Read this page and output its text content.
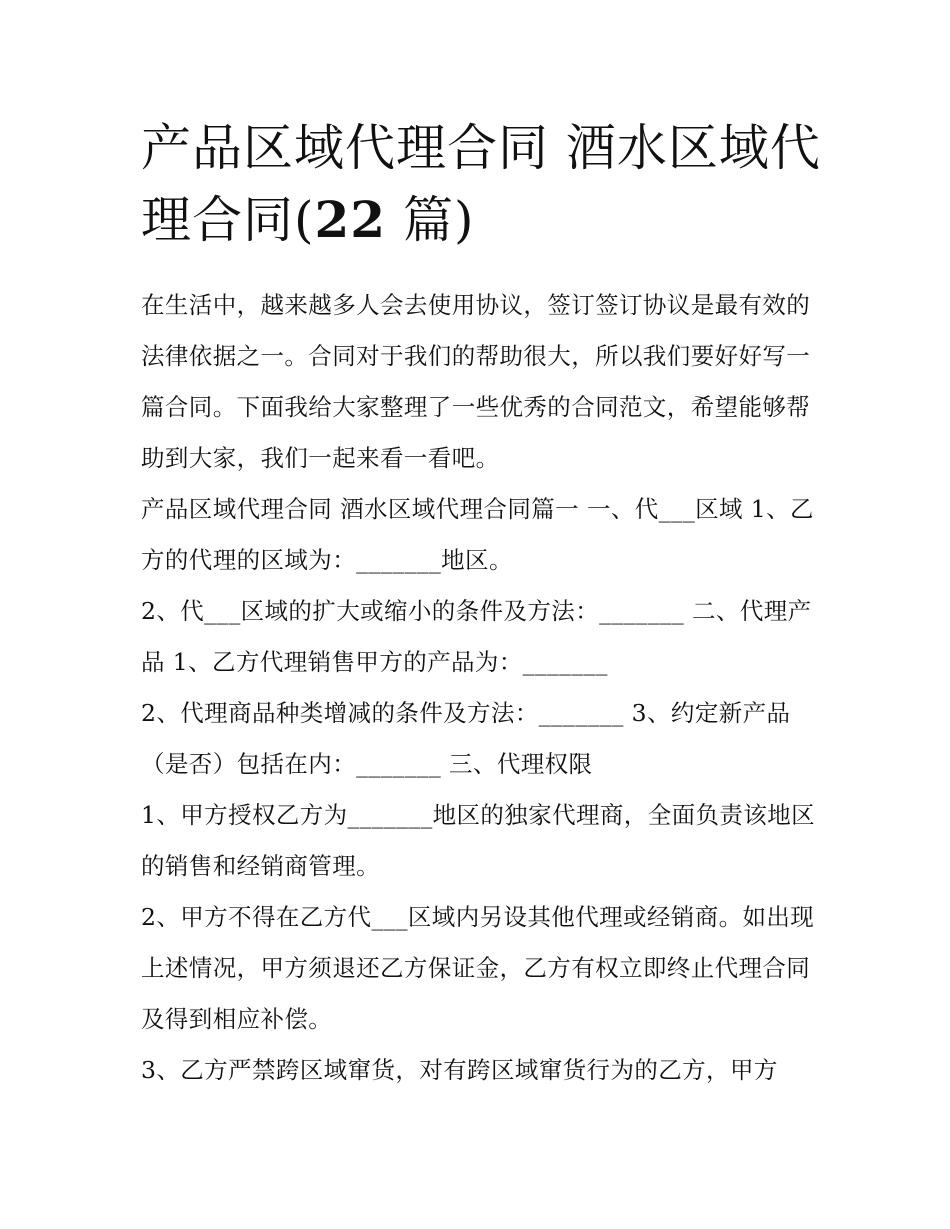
产品区域代理合同 酒水区域代理合同(22 篇)

在生活中，越来越多人会去使用协议，签订签订协议是最有效的法律依据之一。合同对于我们的帮助很大，所以我们要好好写一篇合同。下面我给大家整理了一些优秀的合同范文，希望能够帮助到大家，我们一起来看一看吧。

产品区域代理合同 酒水区域代理合同篇一 一、代___区域 1、乙方的代理的区域为：_______地区。

2、代___区域的扩大或缩小的条件及方法：_______ 二、代理产品 1、乙方代理销售甲方的产品为：_______

2、代理商品种类增减的条件及方法：_______ 3、约定新产品（是否）包括在内：_______ 三、代理权限

1、甲方授权乙方为_______地区的独家代理商，全面负责该地区的销售和经销商管理。

2、甲方不得在乙方代___区域内另设其他代理或经销商。如出现上述情况，甲方须退还乙方保证金，乙方有权立即终止代理合同及得到相应补偿。

3、乙方严禁跨区域窜货，对有跨区域窜货行为的乙方，甲方
